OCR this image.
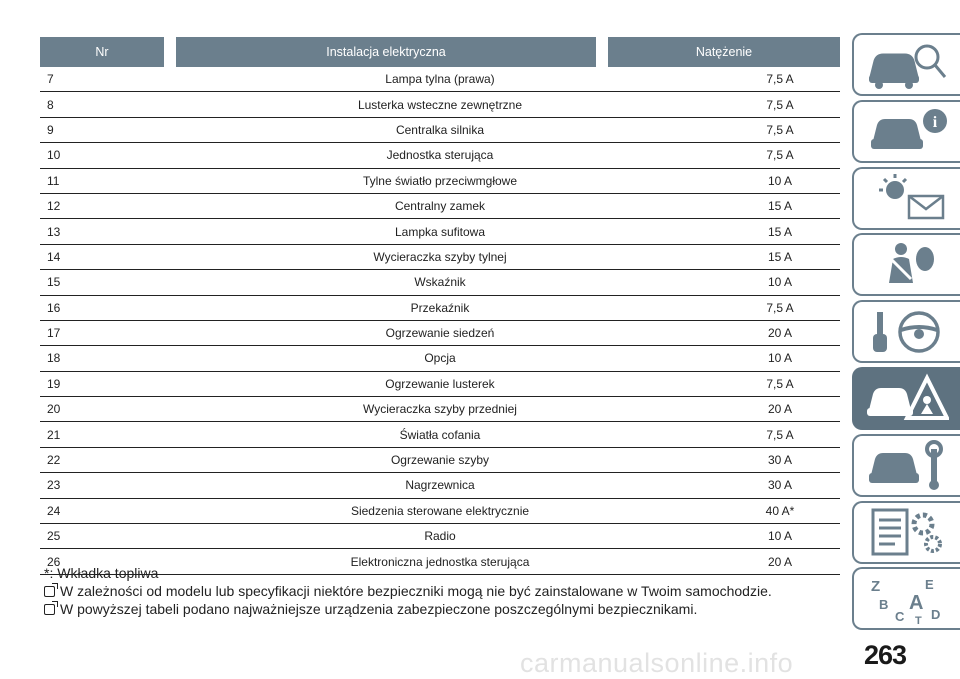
Nr	Instalacja elektryczna	Natężenie
7	Lampa tylna (prawa)	7,5 A
8	Lusterka wsteczne zewnętrzne	7,5 A
9	Centralka silnika	7,5 A
10	Jednostka sterująca	7,5 A
11	Tylne światło przeciwmgłowe	10 A
12	Centralny zamek	15 A
13	Lampka sufitowa	15 A
14	Wycieraczka szyby tylnej	15 A
15	Wskaźnik	10 A
16	Przekaźnik	7,5 A
17	Ogrzewanie siedzeń	20 A
18	Opcja	10 A
19	Ogrzewanie lusterek	7,5 A
20	Wycieraczka szyby przedniej	20 A
21	Światła cofania	7,5 A
22	Ogrzewanie szyby	30 A
23	Nagrzewnica	30 A
24	Siedzenia sterowane elektrycznie	40 A*
25	Radio	10 A
26	Elektroniczna jednostka sterująca	20 A
*: Wkładka topliwa
W zależności od modelu lub specyfikacji niektóre bezpieczniki mogą nie być zainstalowane w Twoim samochodzie.
W powyższej tabeli podano najważniejsze urządzenia zabezpieczone poszczególnymi bezpiecznikami.
i
Z	E
B A
C D
T
carmanualsonline.info	263
